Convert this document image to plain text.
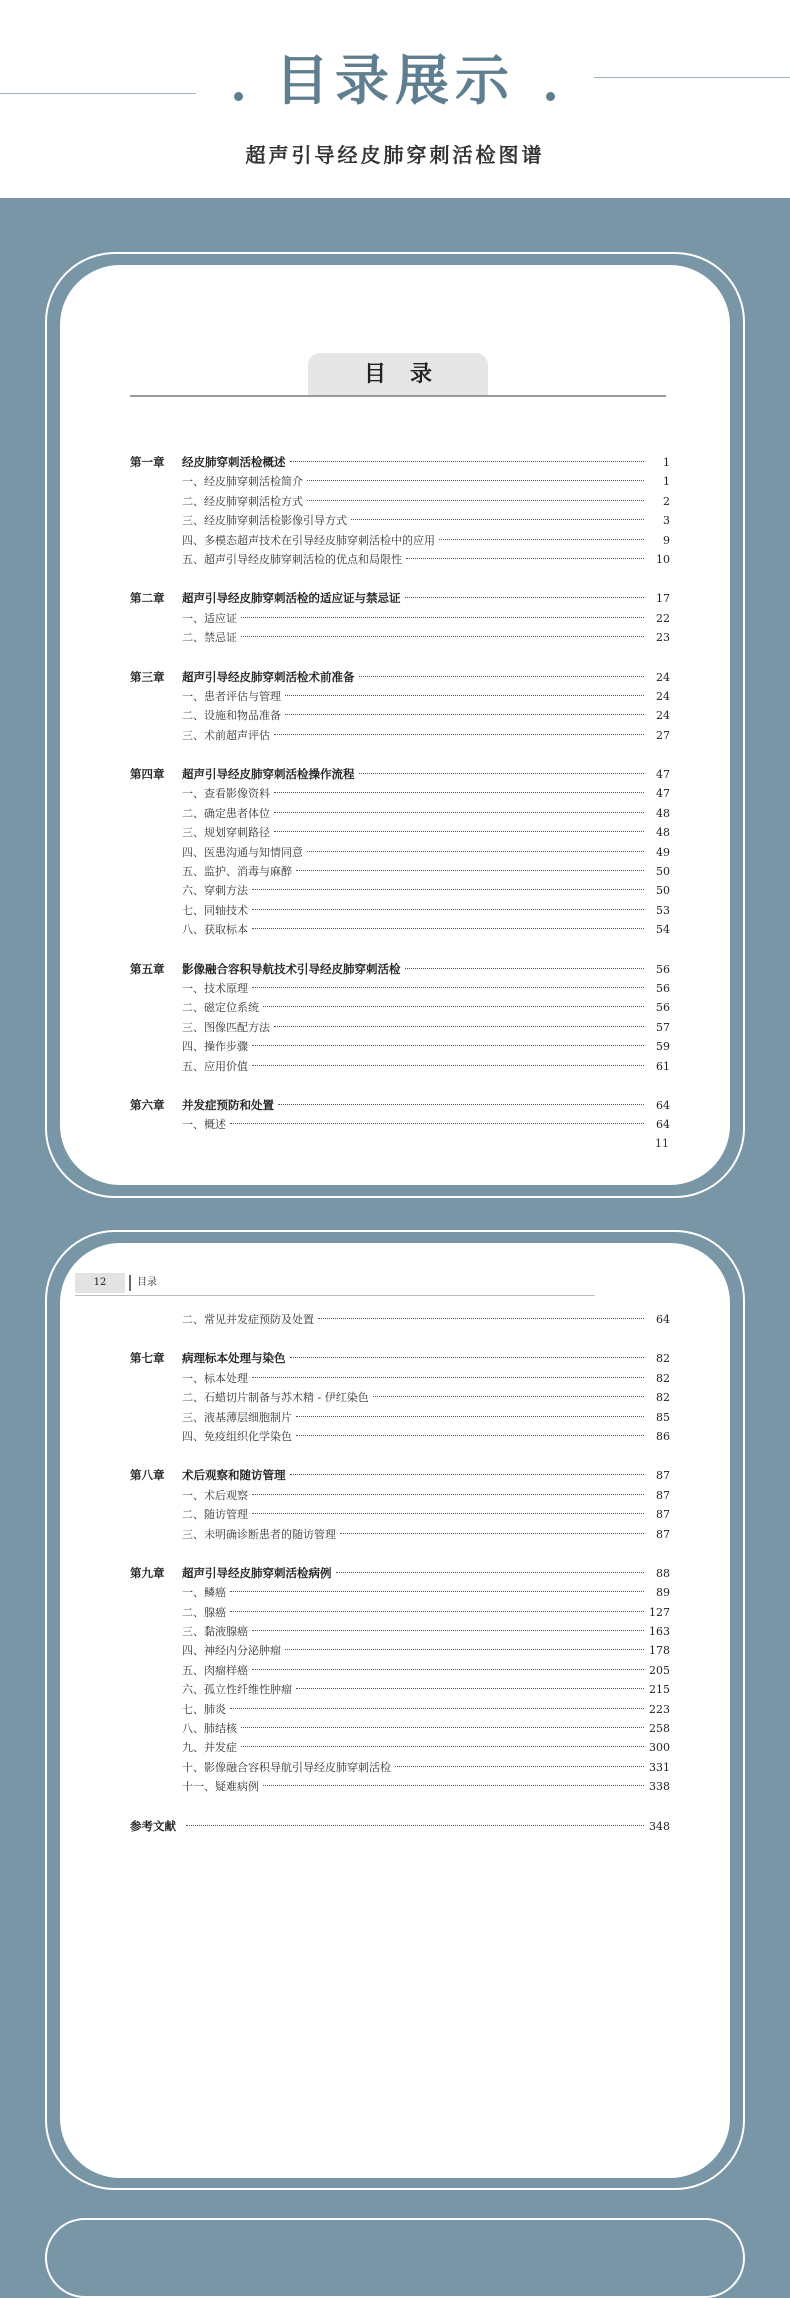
目录展示
超声引导经皮肺穿刺活检图谱
目录
第一章	经皮肺穿刺活检概述	1
一、经皮肺穿刺活检简介	1
二、经皮肺穿刺活检方式	2
三、经皮肺穿刺活检影像引导方式	3
四、多模态超声技术在引导经皮肺穿刺活检中的应用	9
五、超声引导经皮肺穿刺活检的优点和局限性	10
第二章	超声引导经皮肺穿刺活检的适应证与禁忌证	17
一、适应证	22
二、禁忌证	23
第三章	超声引导经皮肺穿刺活检术前准备	24
一、患者评估与管理	24
二、设施和物品准备	24
三、术前超声评估	27
第四章	超声引导经皮肺穿刺活检操作流程	47
一、查看影像资料	47
二、确定患者体位	48
三、规划穿刺路径	48
四、医患沟通与知情同意	49
五、监护、消毒与麻醉	50
六、穿刺方法	50
七、同轴技术	53
八、获取标本	54
第五章	影像融合容积导航技术引导经皮肺穿刺活检	56
一、技术原理	56
二、磁定位系统	56
三、图像匹配方法	57
四、操作步骤	59
五、应用价值	61
第六章	并发症预防和处置	64
一、概述	64
11
12	目录
二、常见并发症预防及处置	64
第七章	病理标本处理与染色	82
一、标本处理	82
二、石蜡切片制备与苏木精 - 伊红染色	82
三、液基薄层细胞制片	85
四、免疫组织化学染色	86
第八章	术后观察和随访管理	87
一、术后观察	87
二、随访管理	87
三、未明确诊断患者的随访管理	87
第九章	超声引导经皮肺穿刺活检病例	88
一、鳞癌	89
二、腺癌	127
三、黏液腺癌	163
四、神经内分泌肿瘤	178
五、肉瘤样癌	205
六、孤立性纤维性肿瘤	215
七、肺炎	223
八、肺结核	258
九、并发症	300
十、影像融合容积导航引导经皮肺穿刺活检	331
十一、疑难病例	338
参考文献	348
